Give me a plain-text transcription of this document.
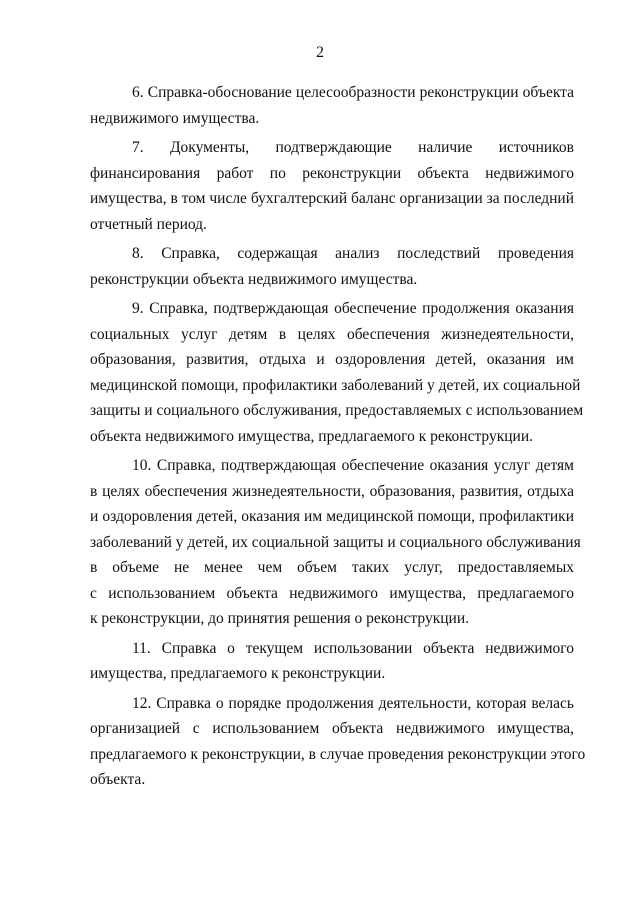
2
6. Справка-обоснование целесообразности реконструкции объекта
недвижимого имущества.
7. Документы, подтверждающие наличие источников
финансирования работ по реконструкции объекта недвижимого
имущества, в том числе бухгалтерский баланс организации за последний
отчетный период.
8. Справка, содержащая анализ последствий проведения
реконструкции объекта недвижимого имущества.
9. Справка, подтверждающая обеспечение продолжения оказания
социальных услуг детям в целях обеспечения жизнедеятельности,
образования, развития, отдыха и оздоровления детей, оказания им
медицинской помощи, профилактики заболеваний у детей, их социальной
защиты и социального обслуживания, предоставляемых с использованием
объекта недвижимого имущества, предлагаемого к реконструкции.
10. Справка, подтверждающая обеспечение оказания услуг детям
в целях обеспечения жизнедеятельности, образования, развития, отдыха
и оздоровления детей, оказания им медицинской помощи, профилактики
заболеваний у детей, их социальной защиты и социального обслуживания
в объеме не менее чем объем таких услуг, предоставляемых
с использованием объекта недвижимого имущества, предлагаемого
к реконструкции, до принятия решения о реконструкции.
11. Справка о текущем использовании объекта недвижимого
имущества, предлагаемого к реконструкции.
12. Справка о порядке продолжения деятельности, которая велась
организацией с использованием объекта недвижимого имущества,
предлагаемого к реконструкции, в случае проведения реконструкции этого
объекта.
